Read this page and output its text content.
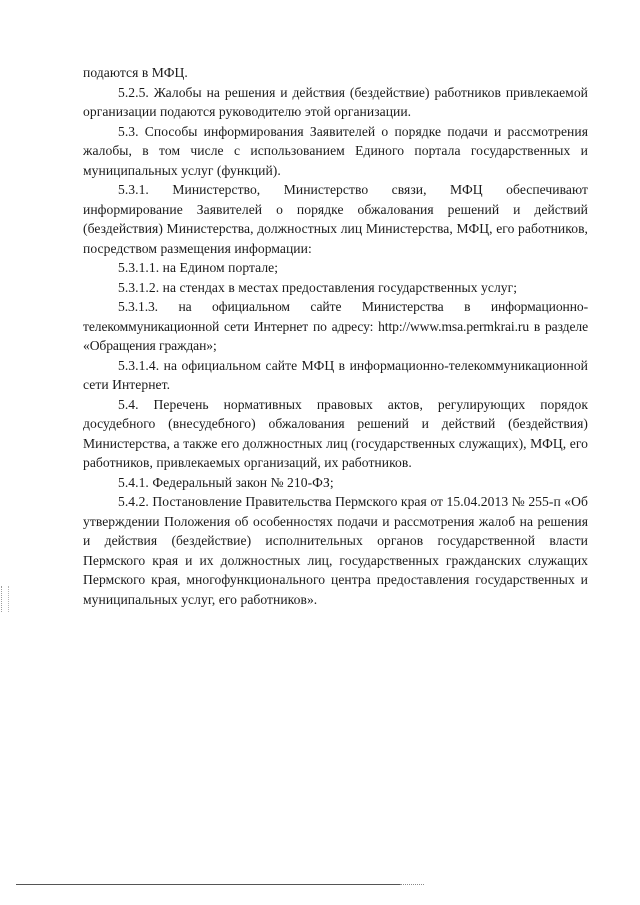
подаются в МФЦ.

5.2.5. Жалобы на решения и действия (бездействие) работников привлекаемой организации подаются руководителю этой организации.

5.3. Способы информирования Заявителей о порядке подачи и рассмотрения жалобы, в том числе с использованием Единого портала государственных и муниципальных услуг (функций).

5.3.1. Министерство, Министерство связи, МФЦ обеспечивают информирование Заявителей о порядке обжалования решений и действий (бездействия) Министерства, должностных лиц Министерства, МФЦ, его работников, посредством размещения информации:

5.3.1.1. на Едином портале;

5.3.1.2. на стендах в местах предоставления государственных услуг;

5.3.1.3. на официальном сайте Министерства в информационно-телекоммуникационной сети Интернет по адресу: http://www.msa.permkrai.ru в разделе «Обращения граждан»;

5.3.1.4. на официальном сайте МФЦ в информационно-телекоммуникационной сети Интернет.

5.4. Перечень нормативных правовых актов, регулирующих порядок досудебного (внесудебного) обжалования решений и действий (бездействия) Министерства, а также его должностных лиц (государственных служащих), МФЦ, его работников, привлекаемых организаций, их работников.

5.4.1. Федеральный закон № 210-ФЗ;

5.4.2. Постановление Правительства Пермского края от 15.04.2013 № 255-п «Об утверждении Положения об особенностях подачи и рассмотрения жалоб на решения и действия (бездействие) исполнительных органов государственной власти Пермского края и их должностных лиц, государственных гражданских служащих Пермского края, многофункционального центра предоставления государственных и муниципальных услуг, его работников».
